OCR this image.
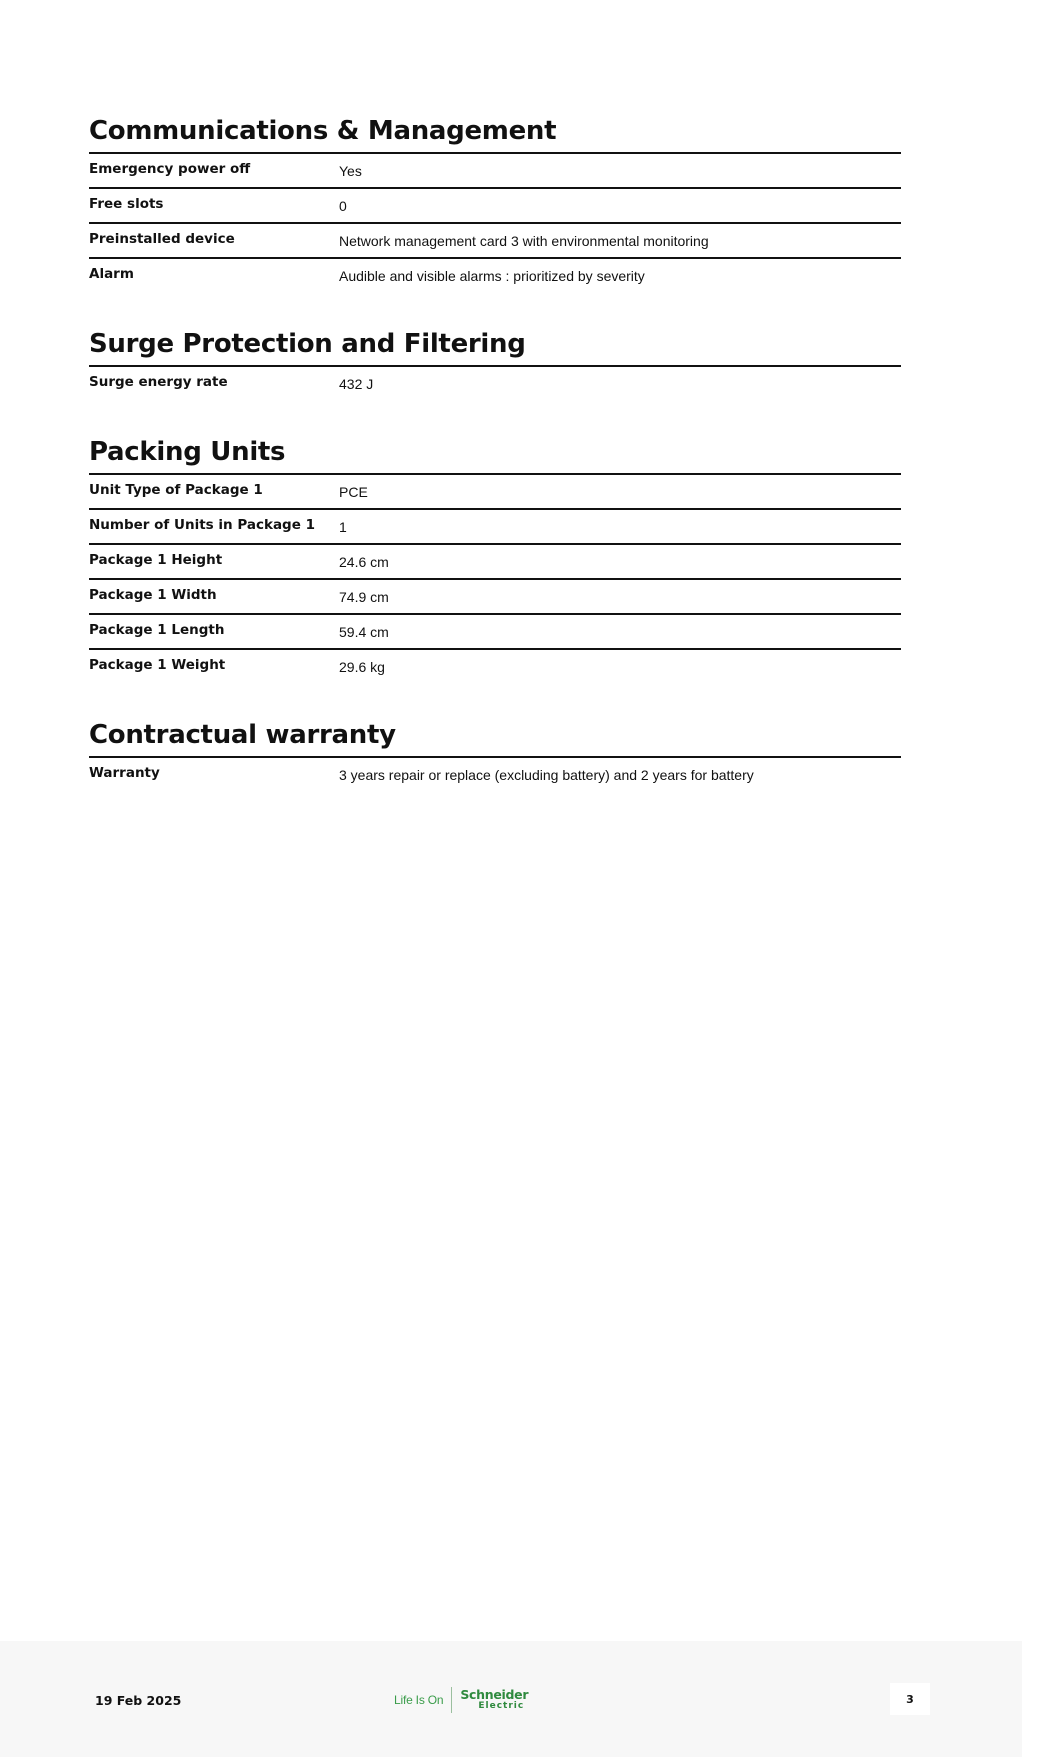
Communications & Management
Emergency power off	Yes
Free slots	0
Preinstalled device	Network management card 3 with environmental monitoring
Alarm	Audible and visible alarms : prioritized by severity
Surge Protection and Filtering
Surge energy rate	432 J
Packing Units
Unit Type of Package 1	PCE
Number of Units in Package 1	1
Package 1 Height	24.6 cm
Package 1 Width	74.9 cm
Package 1 Length	59.4 cm
Package 1 Weight	29.6 kg
Contractual warranty
Warranty	3 years repair or replace (excluding battery) and 2 years for battery
19 Feb 2025	Life Is On Schneider
Electric
3
